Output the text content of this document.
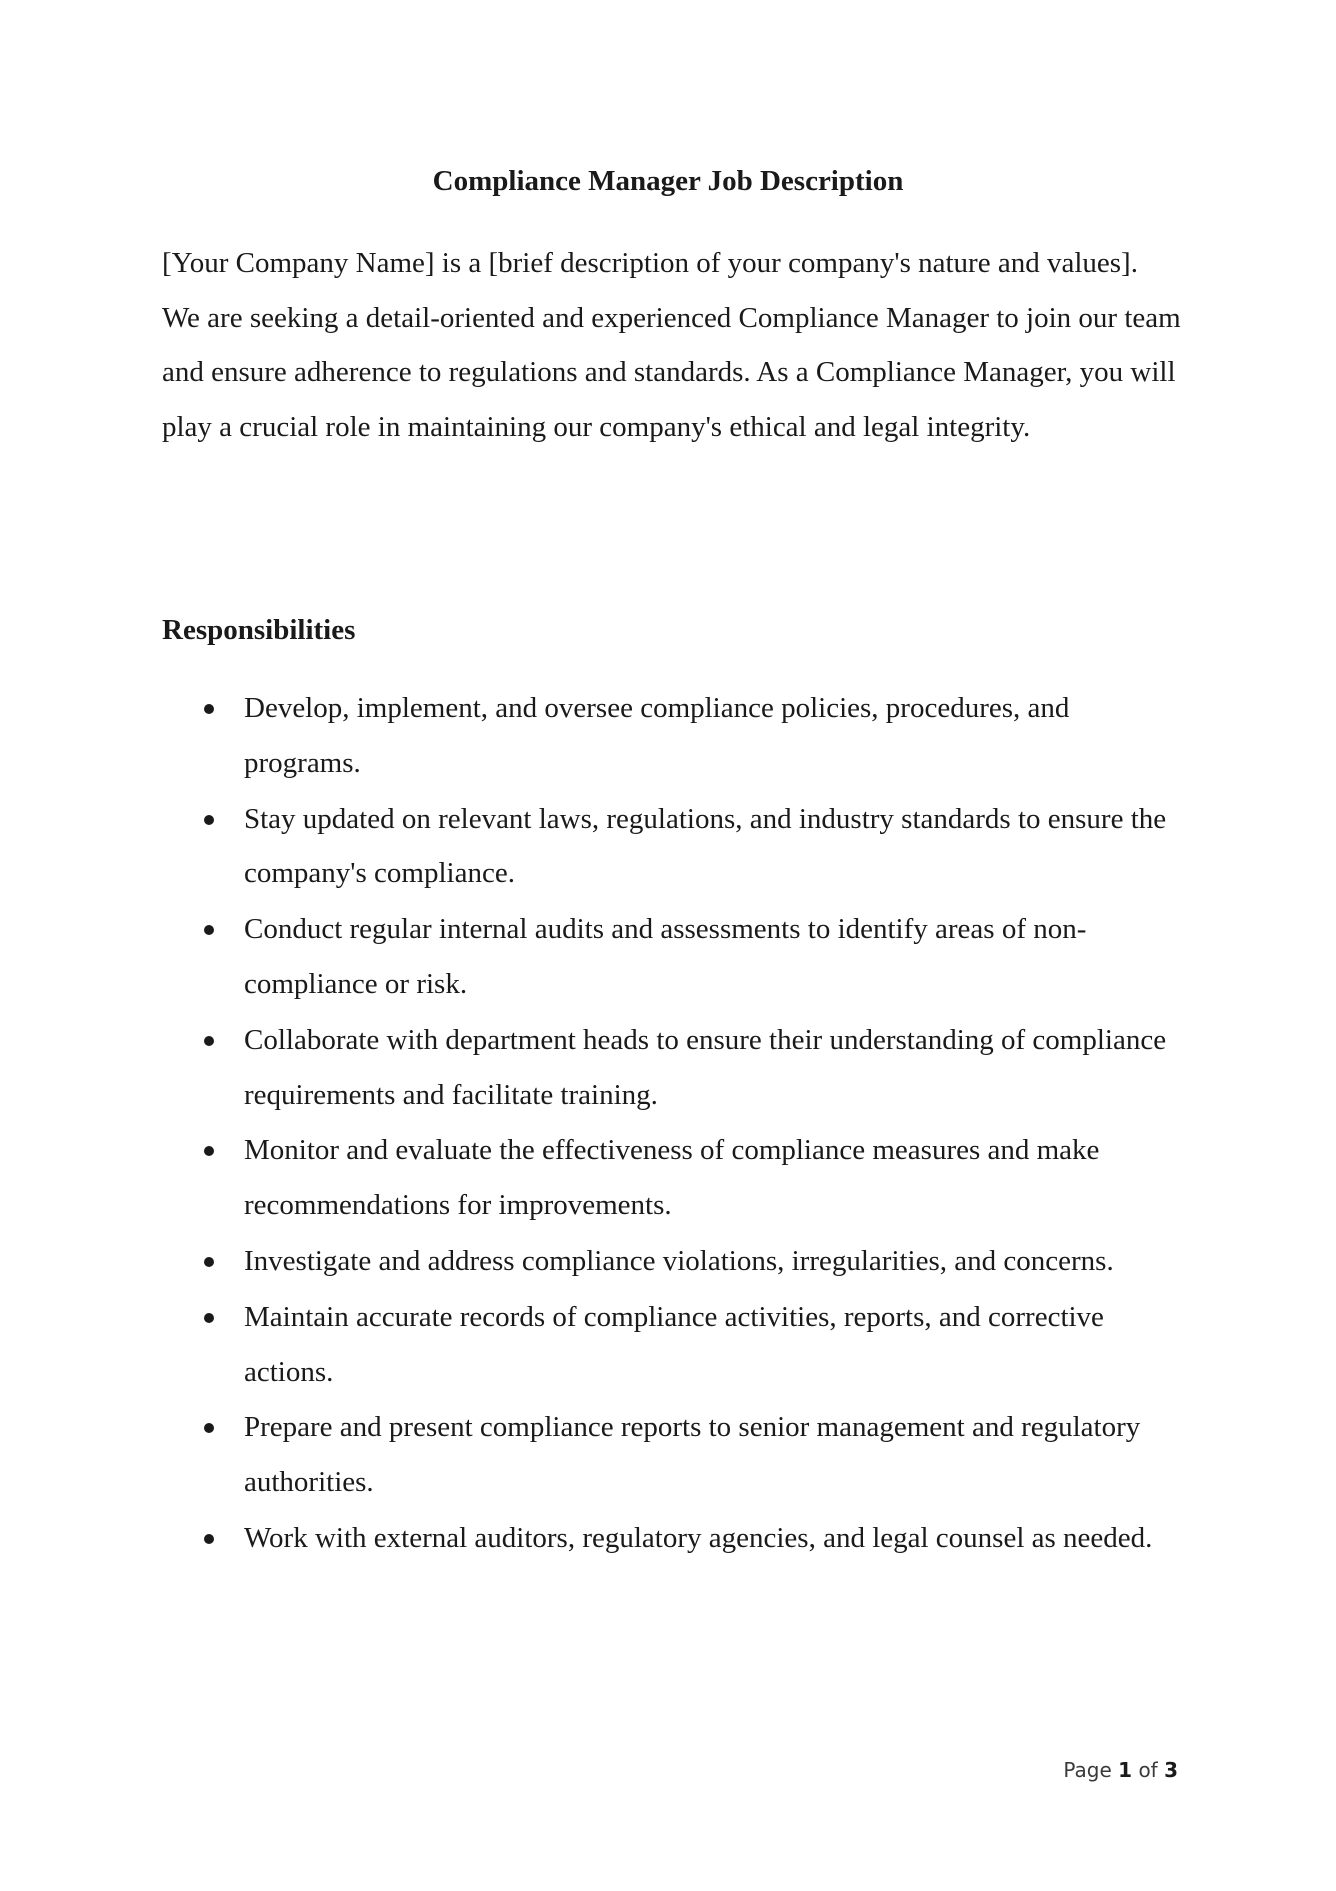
Compliance Manager Job Description

[Your Company Name] is a [brief description of your company's nature and values]. We are seeking a detail-oriented and experienced Compliance Manager to join our team and ensure adherence to regulations and standards. As a Compliance Manager, you will play a crucial role in maintaining our company's ethical and legal integrity.

Responsibilities
Develop, implement, and oversee compliance policies, procedures, and programs.
Stay updated on relevant laws, regulations, and industry standards to ensure the company's compliance.
Conduct regular internal audits and assessments to identify areas of non-compliance or risk.
Collaborate with department heads to ensure their understanding of compliance requirements and facilitate training.
Monitor and evaluate the effectiveness of compliance measures and make recommendations for improvements.
Investigate and address compliance violations, irregularities, and concerns.
Maintain accurate records of compliance activities, reports, and corrective actions.
Prepare and present compliance reports to senior management and regulatory authorities.
Work with external auditors, regulatory agencies, and legal counsel as needed.
Page 1 of 3
